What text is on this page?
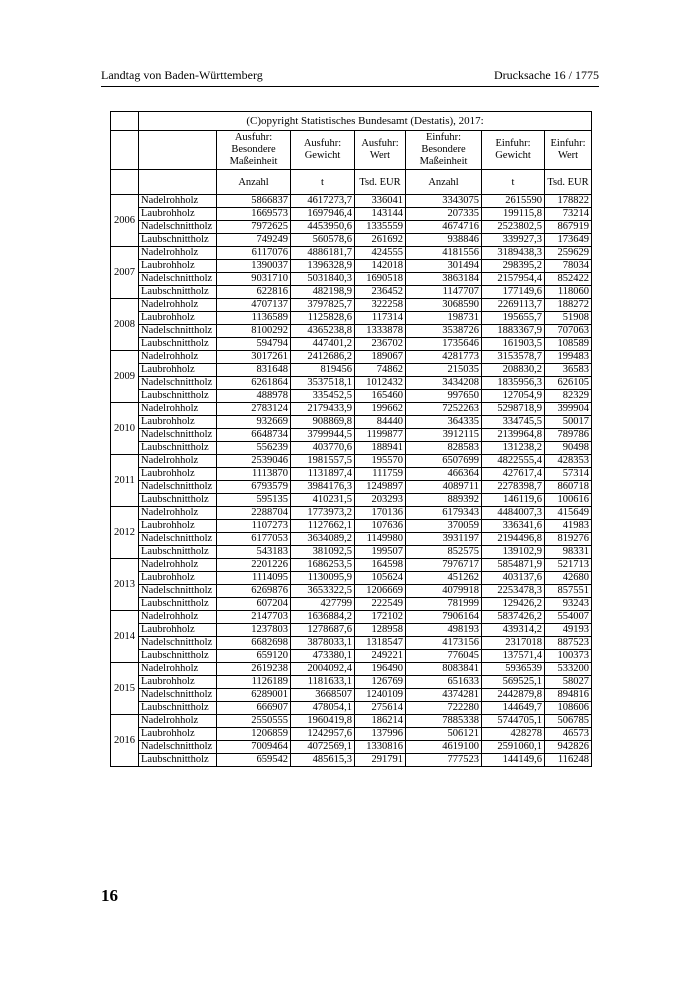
Landtag von Baden-Württemberg	Drucksache 16 / 1775
	(C)opyright Statistisches Bundesamt (Destatis), 2017:						
		Ausfuhr: Besondere Maßeinheit	Ausfuhr: Gewicht	Ausfuhr: Wert	Einfuhr: Besondere Maßeinheit	Einfuhr: Gewicht	Einfuhr: Wert
		Anzahl	t	Tsd. EUR	Anzahl	t	Tsd. EUR
2006	Nadelrohholz	5866837	4617273,7	336041	3343075	2615590	178822
	Laubrohholz	1669573	1697946,4	143144	207335	199115,8	73214
	Nadelschnittholz	7972625	4453950,6	1335559	4674716	2523802,5	867919
	Laubschnittholz	749249	560578,6	261692	938846	339927,3	173649
2007	Nadelrohholz	6117076	4886181,7	424555	4181556	3189438,3	259629
	Laubrohholz	1390037	1396328,9	142018	301494	298395,2	78034
	Nadelschnittholz	9031710	5031840,3	1690518	3863184	2157954,4	852422
	Laubschnittholz	622816	482198,9	236452	1147707	177149,6	118060
2008	Nadelrohholz	4707137	3797825,7	322258	3068590	2269113,7	188272
	Laubrohholz	1136589	1125828,6	117314	198731	195655,7	51908
	Nadelschnittholz	8100292	4365238,8	1333878	3538726	1883367,9	707063
	Laubschnittholz	594794	447401,2	236702	1735646	161903,5	108589
2009	Nadelrohholz	3017261	2412686,2	189067	4281773	3153578,7	199483
	Laubrohholz	831648	819456	74862	215035	208830,2	36583
	Nadelschnittholz	6261864	3537518,1	1012432	3434208	1835956,3	626105
	Laubschnittholz	488978	335452,5	165460	997650	127054,9	82329
2010	Nadelrohholz	2783124	2179433,9	199662	7252263	5298718,9	399904
	Laubrohholz	932669	908869,8	84440	364335	334745,5	50017
	Nadelschnittholz	6648734	3799944,5	1199877	3912115	2139964,8	789786
	Laubschnittholz	556239	403770,6	188941	828583	131238,2	90498
2011	Nadelrohholz	2539046	1981557,5	195570	6507699	4822555,4	428353
	Laubrohholz	1113870	1131897,4	111759	466364	427617,4	57314
	Nadelschnittholz	6793579	3984176,3	1249897	4089711	2278398,7	860718
	Laubschnittholz	595135	410231,5	203293	889392	146119,6	100616
2012	Nadelrohholz	2288704	1773973,2	170136	6179343	4484007,3	415649
	Laubrohholz	1107273	1127662,1	107636	370059	336341,6	41983
	Nadelschnittholz	6177053	3634089,2	1149980	3931197	2194496,8	819276
	Laubschnittholz	543183	381092,5	199507	852575	139102,9	98331
2013	Nadelrohholz	2201226	1686253,5	164598	7976717	5854871,9	521713
	Laubrohholz	1114095	1130095,9	105624	451262	403137,6	42680
	Nadelschnittholz	6269876	3653322,5	1206669	4079918	2253478,3	857551
	Laubschnittholz	607204	427799	222549	781999	129426,2	93243
2014	Nadelrohholz	2147703	1636884,2	172102	7906164	5837426,2	554007
	Laubrohholz	1237803	1278687,6	128958	498193	439314,2	49193
	Nadelschnittholz	6682698	3878033,1	1318547	4173156	2317018	887523
	Laubschnittholz	659120	473380,1	249221	776045	137571,4	100373
2015	Nadelrohholz	2619238	2004092,4	196490	8083841	5936539	533200
	Laubrohholz	1126189	1181633,1	126769	651633	569525,1	58027
	Nadelschnittholz	6289001	3668507	1240109	4374281	2442879,8	894816
	Laubschnittholz	666907	478054,1	275614	722280	144649,7	108606
2016	Nadelrohholz	2550555	1960419,8	186214	7885338	5744705,1	506785
	Laubrohholz	1206859	1242957,6	137996	506121	428278	46573
	Nadelschnittholz	7009464	4072569,1	1330816	4619100	2591060,1	942826
	Laubschnittholz	659542	485615,3	291791	777523	144149,6	116248
16
